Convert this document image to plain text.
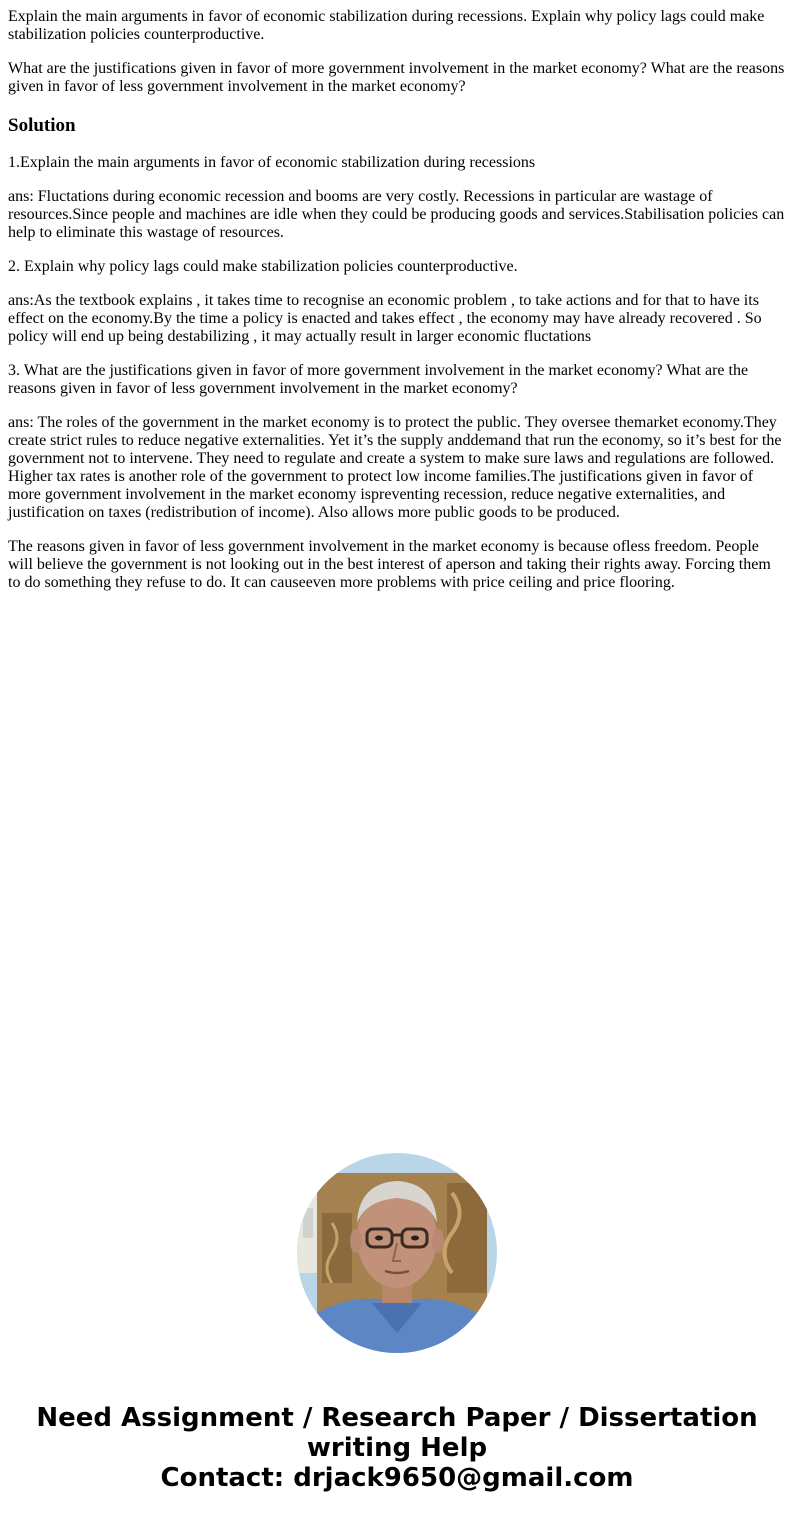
Explain the main arguments in favor of economic stabilization during recessions. Explain why policy lags could make stabilization policies counterproductive.

What are the justifications given in favor of more government involvement in the market economy? What are the reasons given in favor of less government involvement in the market economy?

Solution

1.Explain the main arguments in favor of economic stabilization during recessions

ans: Fluctations during economic recession and booms are very costly. Recessions in particular are wastage of resources.Since people and machines are idle when they could be producing goods and services.Stabilisation policies can help to eliminate this wastage of resources.

2. Explain why policy lags could make stabilization policies counterproductive.

ans:As the textbook explains , it takes time to recognise an economic problem , to take actions and for that to have its effect on the economy.By the time a policy is enacted and takes effect , the economy may have already recovered . So policy will end up being destabilizing , it may actually result in larger economic fluctations

3. What are the justifications given in favor of more government involvement in the market economy? What are the reasons given in favor of less government involvement in the market economy?

ans: The roles of the government in the market economy is to protect the public. They oversee themarket economy.They create strict rules to reduce negative externalities. Yet it’s the supply anddemand that run the economy, so it’s best for the government not to intervene. They need to regulate and create a system to make sure laws and regulations are followed. Higher tax rates is another role of the government to protect low income families.The justifications given in favor of more government involvement in the market economy ispreventing recession, reduce negative externalities, and justification on taxes (redistribution of income). Also allows more public goods to be produced.

The reasons given in favor of less government involvement in the market economy is because ofless freedom. People will believe the government is not looking out in the best interest of aperson and taking their rights away. Forcing them to do something they refuse to do. It can causeeven more problems with price ceiling and price flooring.

Need Assignment / Research Paper / Dissertation
writing Help
Contact: drjack9650@gmail.com
